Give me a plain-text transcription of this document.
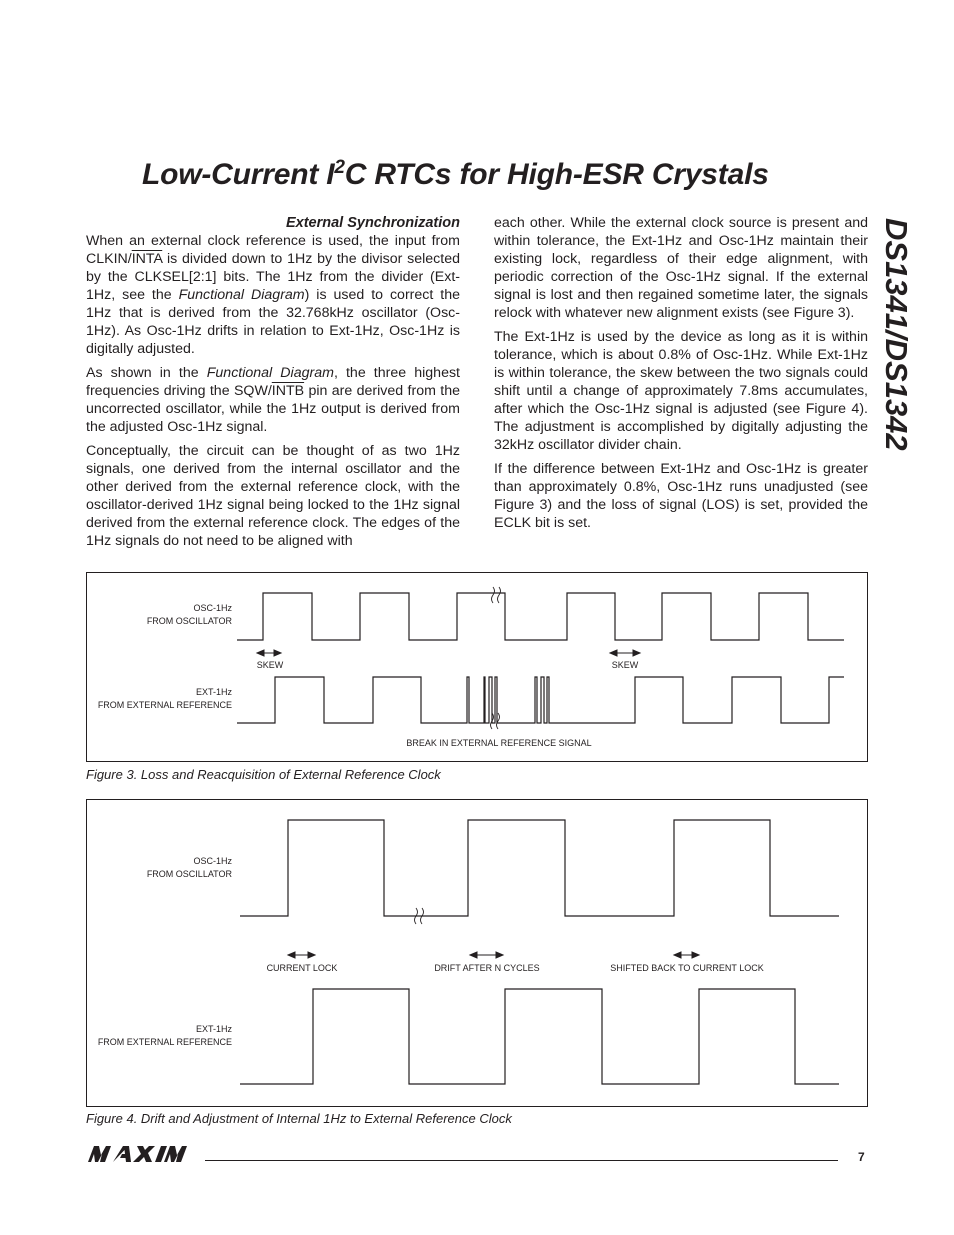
Low-Current $I^2C$ RTCs for High-ESR Crystals
DS1341/DS1342
External Synchronization

When an external clock reference is used, the input from CLKIN/INTA is divided down to 1Hz by the divisor selected by the CLKSEL[2:1] bits. The 1Hz from the divider (Ext-1Hz, see the Functional Diagram) is used to correct the 1Hz that is derived from the 32.768kHz oscillator (Osc-1Hz). As Osc-1Hz drifts in relation to Ext-1Hz, Osc-1Hz is digitally adjusted.

As shown in the Functional Diagram, the three highest frequencies driving the SQW/INTB pin are derived from the uncorrected oscillator, while the 1Hz output is derived from the adjusted Osc-1Hz signal.

Conceptually, the circuit can be thought of as two 1Hz signals, one derived from the internal oscillator and the other derived from the external reference clock, with the oscillator-derived 1Hz signal being locked to the 1Hz signal derived from the external reference clock. The edges of the 1Hz signals do not need to be aligned with

each other. While the external clock source is present and within tolerance, the Ext-1Hz and Osc-1Hz maintain their existing lock, regardless of their edge alignment, with periodic correction of the Osc-1Hz signal. If the external signal is lost and then regained sometime later, the signals relock with whatever new alignment exists (see Figure 3).

The Ext-1Hz is used by the device as long as it is within tolerance, which is about 0.8% of Osc-1Hz. While Ext-1Hz is within tolerance, the skew between the two signals could shift until a change of approximately 7.8ms accumulates, after which the Osc-1Hz signal is adjusted (see Figure 4). The adjustment is accomplished by digitally adjusting the 32kHz oscillator divider chain.

If the difference between Ext-1Hz and Osc-1Hz is greater than approximately 0.8%, Osc-1Hz runs unadjusted (see Figure 3) and the loss of signal (LOS) is set, provided the ECLK bit is set.

OSC-1Hz
FROM OSCILLATOR
EXT-1Hz
FROM EXTERNAL REFERENCE
SKEW	SKEW
BREAK IN EXTERNAL REFERENCE SIGNAL
Figure 3. Loss and Reacquisition of External Reference Clock
OSC-1Hz
FROM OSCILLATOR
EXT-1Hz
FROM EXTERNAL REFERENCE
CURRENT LOCK	DRIFT AFTER N CYCLES	SHIFTED BACK TO CURRENT LOCK
Figure 4. Drift and Adjustment of Internal 1Hz to External Reference Clock
7
